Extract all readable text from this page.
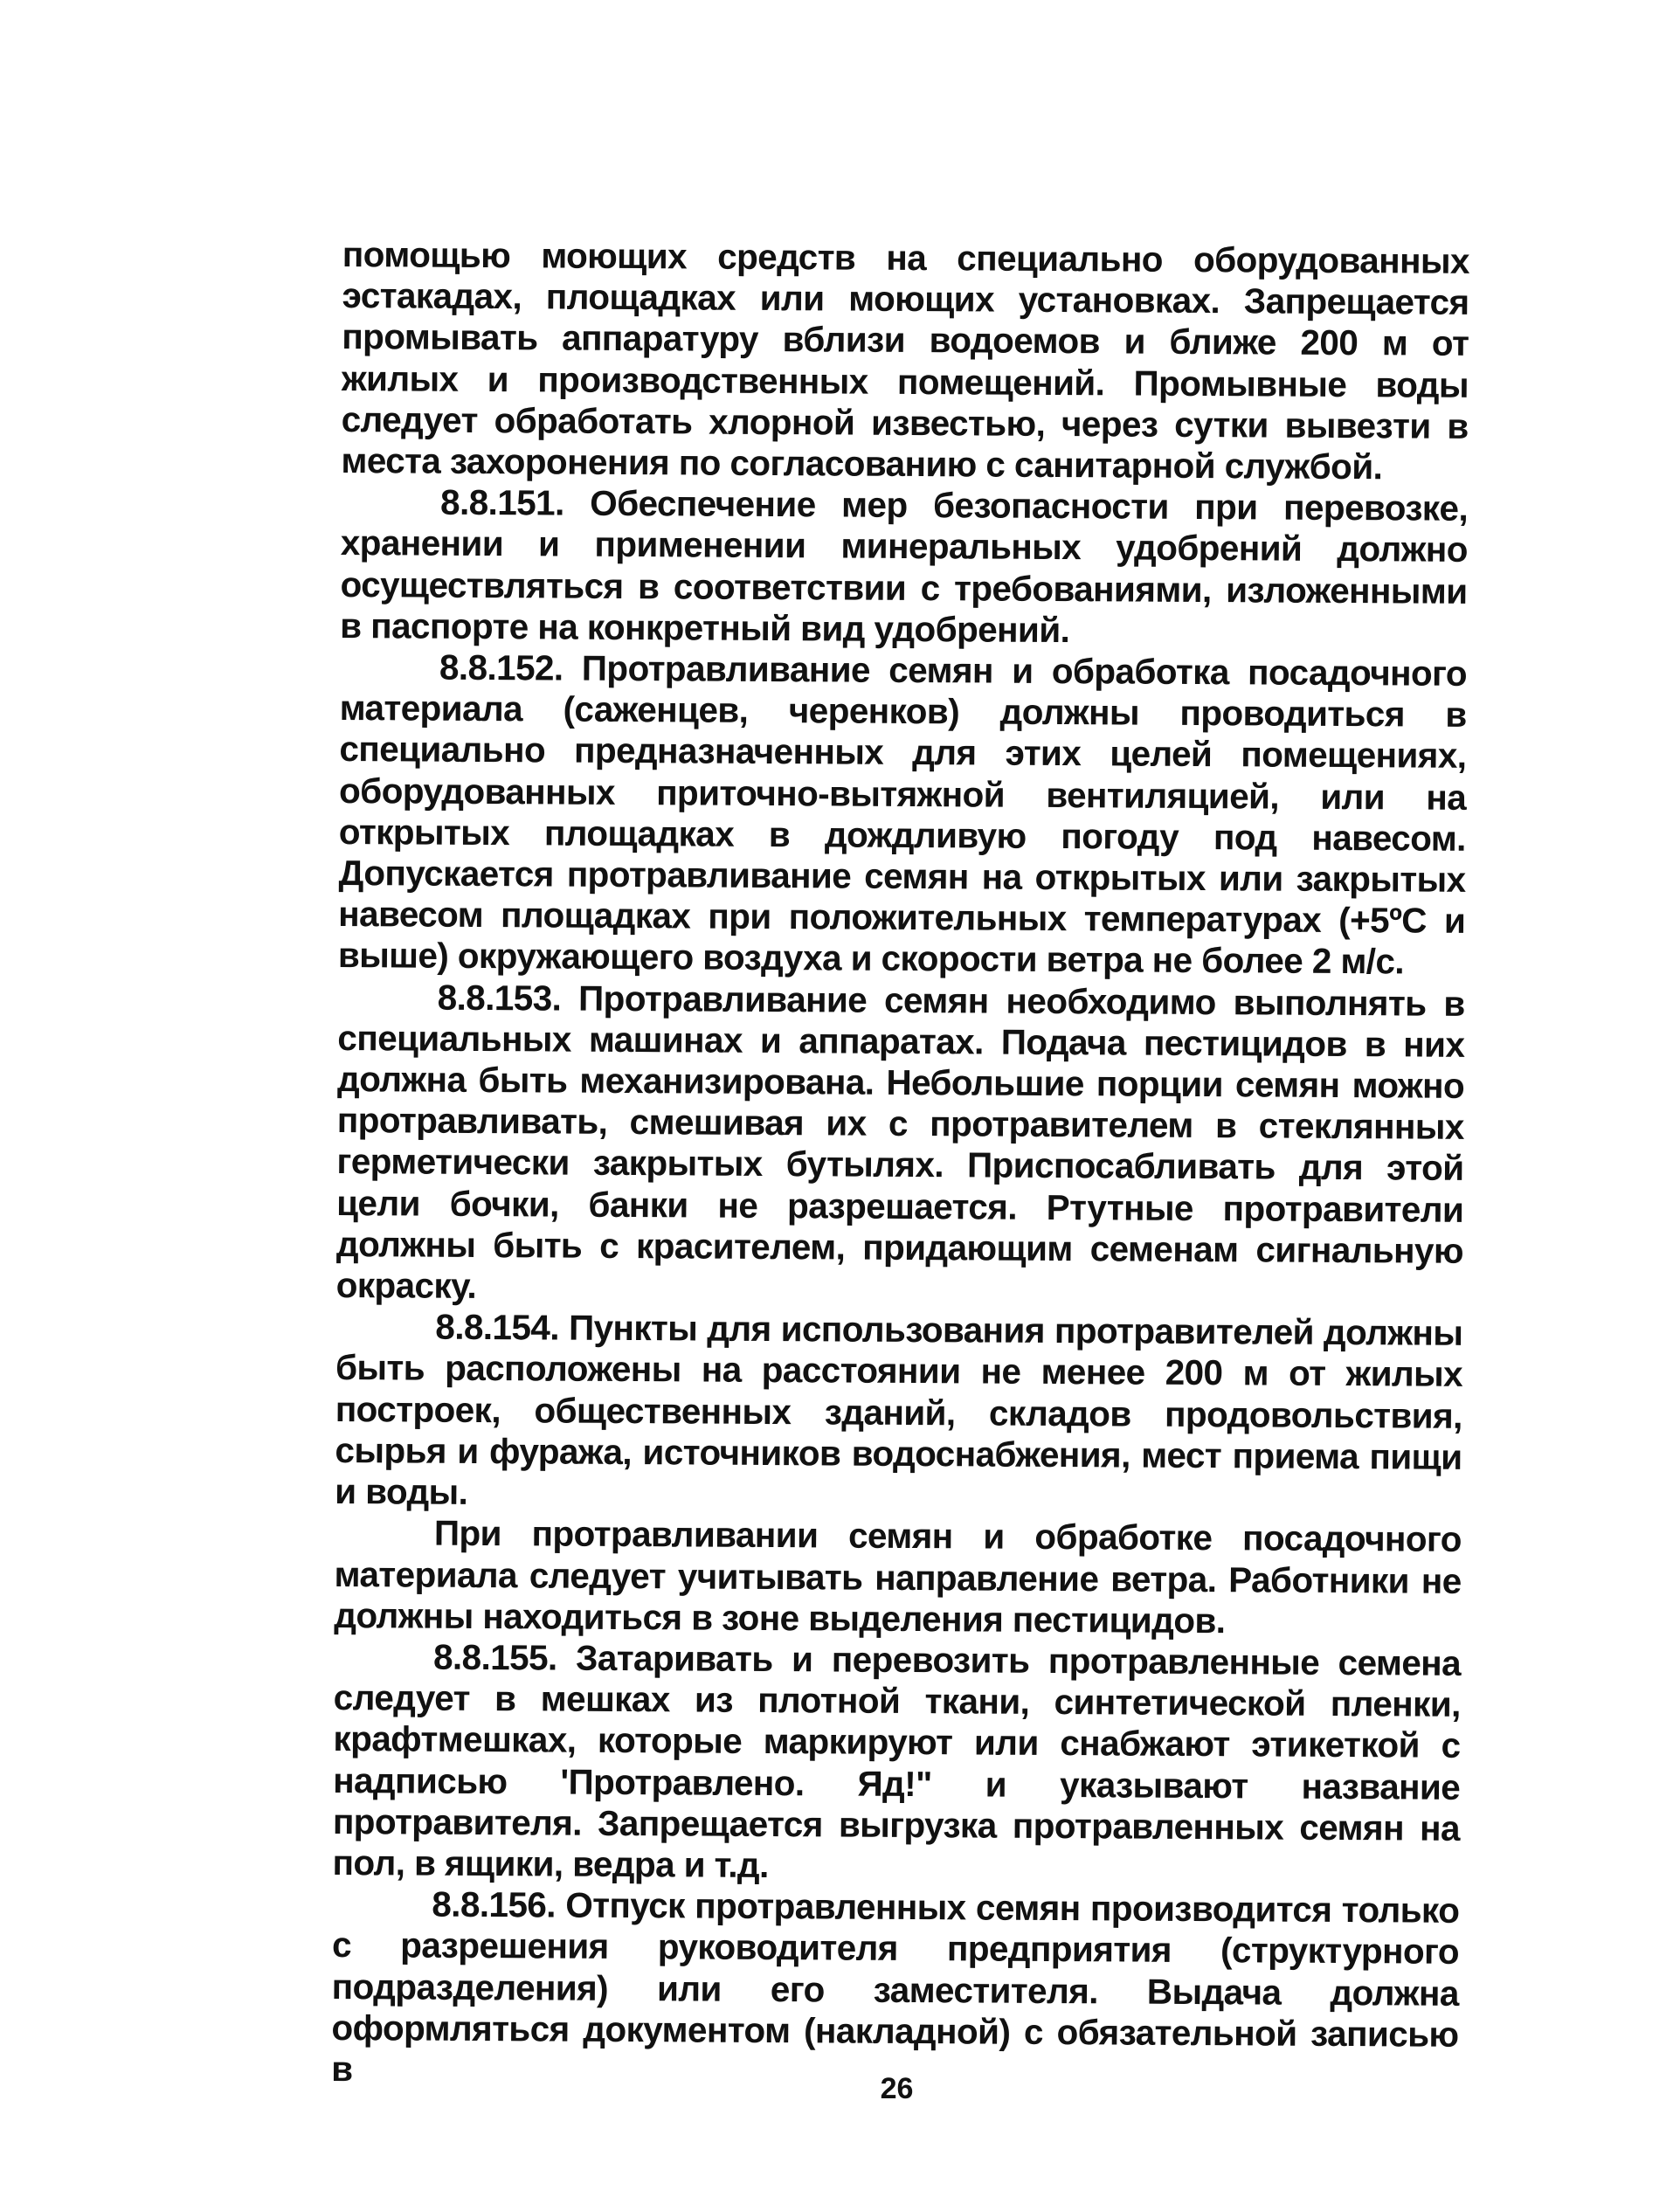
помощью моющих средств на специально оборудованных эстакадах, площадках или моющих установках. Запрещается промывать аппаратуру вблизи водоемов и ближе 200 м от жилых и производственных помещений. Промывные воды следует обработать хлорной известью, через сутки вывезти в места захоронения по согласованию с санитарной службой.

8.8.151. Обеспечение мер безопасности при перевозке, хранении и применении минеральных удобрений должно осуществляться в соответствии с требованиями, изложенными в паспорте на конкретный вид удобрений.

8.8.152. Протравливание семян и обработка посадочного материала (саженцев, черенков) должны проводиться в специально предназначенных для этих целей помещениях, оборудованных приточно-вытяжной вентиляцией, или на открытых площадках в дождливую погоду под навесом. Допускается протравливание семян на открытых или закрытых навесом площадках при положительных температурах (+5ºC и выше) окружающего воздуха и скорости ветра не более 2 м/с.

8.8.153. Протравливание семян необходимо выполнять в специальных машинах и аппаратах. Подача пестицидов в них должна быть механизирована. Небольшие порции семян можно протравливать, смешивая их с протравителем в стеклянных герметически закрытых бутылях. Приспосабливать для этой цели бочки, банки не разрешается. Ртутные протравители должны быть с красителем, придающим семенам сигнальную окраску.

8.8.154. Пункты для использования протравителей должны быть расположены на расстоянии не менее 200 м от жилых построек, общественных зданий, складов продовольствия, сырья и фуража, источников водоснабжения, мест приема пищи и воды.

При протравливании семян и обработке посадочного материала следует учитывать направление ветра. Работники не должны находиться в зоне выделения пестицидов.

8.8.155. Затаривать и перевозить протравленные семена следует в мешках из плотной ткани, синтетической пленки, крафтмешках, которые маркируют или снабжают этикеткой с надписью 'Протравлено. Яд!" и указывают название протравителя. Запрещается выгрузка протравленных семян на пол, в ящики, ведра и т.д.

8.8.156. Отпуск протравленных семян производится только с разрешения руководителя предприятия (структурного подразделения) или его заместителя. Выдача должна оформляться документом (накладной) с обязательной записью в	26
